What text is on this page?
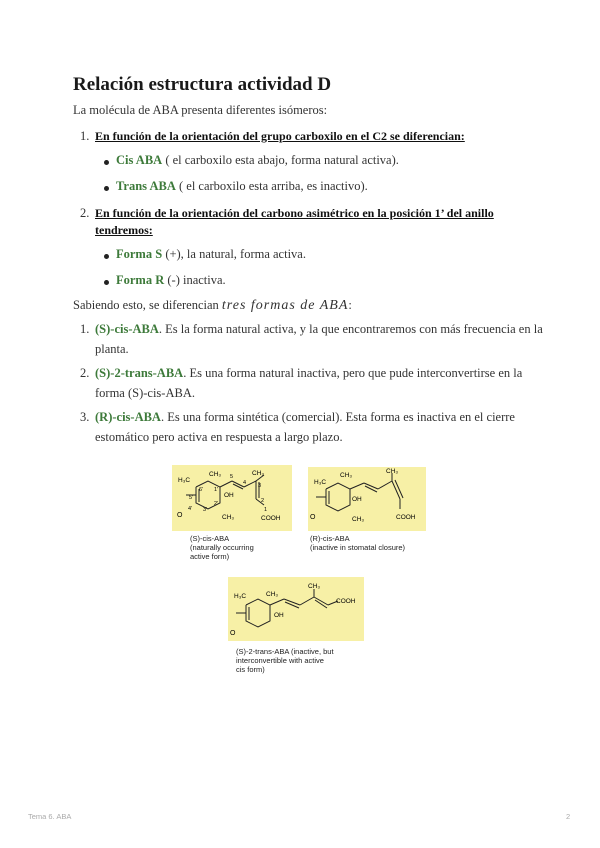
Relación estructura actividad D
La molécula de ABA presenta diferentes isómeros:
1. En función de la orientación del grupo carboxilo en el C2 se diferencian:
Cis ABA ( el carboxilo esta abajo, forma natural activa).
Trans ABA ( el carboxilo esta arriba, es inactivo).
2. En función de la orientación del carbono asimétrico en la posición 1’ del anillo
tendremos:
Forma S (+), la natural, forma activa.
Forma R (-) inactiva.
Sabiendo esto, se diferencian tres formas de ABA:
1. (S)-cis-ABA. Es la forma natural activa, y la que encontraremos con más frecuencia en la
planta.
2. (S)-2-trans-ABA. Es una forma natural inactiva, pero que pude interconvertirse en la
forma (S)-cis-ABA.
3. (R)-cis-ABA. Es una forma sintética (comercial). Esta forma es inactiva en el cierre
estomático pero activa en respuesta a largo plazo.
H₃C
CH₃	CH₃
CH₃
OH
O	COOH
1
2
3
4
5
6' 1'
2'
3'
4'
5'
(S)-cis-ABA
(naturally occurring
active form)
H₃C
CH₃
CH₃
CH₃
OH
O	COOH
(R)-cis-ABA
(inactive in stomatal closure)
H₃C	CH₃
CH₃
OH
O
COOH
(S)-2-trans-ABA (inactive, but
interconvertible with active
cis form)
Tema 6. ABA	2
